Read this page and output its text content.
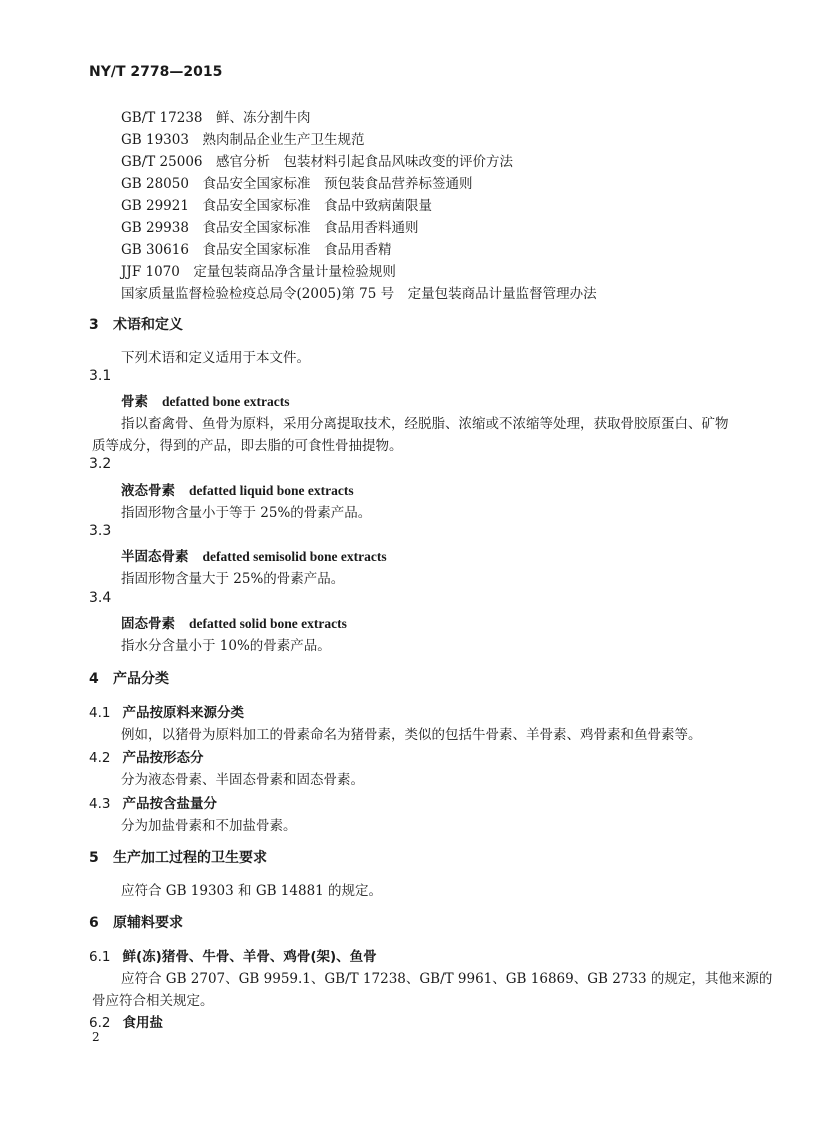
NY/T 2778—2015
GB/T 17238　鲜、冻分割牛肉
GB 19303　熟肉制品企业生产卫生规范
GB/T 25006　感官分析　包装材料引起食品风味改变的评价方法
GB 28050　食品安全国家标准　预包装食品营养标签通则
GB 29921　食品安全国家标准　食品中致病菌限量
GB 29938　食品安全国家标准　食品用香料通则
GB 30616　食品安全国家标准　食品用香精
JJF 1070　定量包装商品净含量计量检验规则
国家质量监督检验检疫总局令(2005)第 75 号　定量包装商品计量监督管理办法
3 术语和定义
下列术语和定义适用于本文件。
3.1
骨素 defatted bone extracts
指以畜禽骨、鱼骨为原料，采用分离提取技术，经脱脂、浓缩或不浓缩等处理，获取骨胶原蛋白、矿物
质等成分，得到的产品，即去脂的可食性骨抽提物。
3.2
液态骨素 defatted liquid bone extracts
指固形物含量小于等于 25%的骨素产品。
3.3
半固态骨素 defatted semisolid bone extracts
指固形物含量大于 25%的骨素产品。
3.4
固态骨素 defatted solid bone extracts
指水分含量小于 10%的骨素产品。
4 产品分类
4.1 产品按原料来源分类
例如，以猪骨为原料加工的骨素命名为猪骨素，类似的包括牛骨素、羊骨素、鸡骨素和鱼骨素等。
4.2 产品按形态分
分为液态骨素、半固态骨素和固态骨素。
4.3 产品按含盐量分
分为加盐骨素和不加盐骨素。
5 生产加工过程的卫生要求
应符合 GB 19303 和 GB 14881 的规定。
6 原辅料要求
6.1 鲜(冻)猪骨、牛骨、羊骨、鸡骨(架)、鱼骨
应符合 GB 2707、GB 9959.1、GB/T 17238、GB/T 9961、GB 16869、GB 2733 的规定，其他来源的
骨应符合相关规定。
6.2 食用盐
2
